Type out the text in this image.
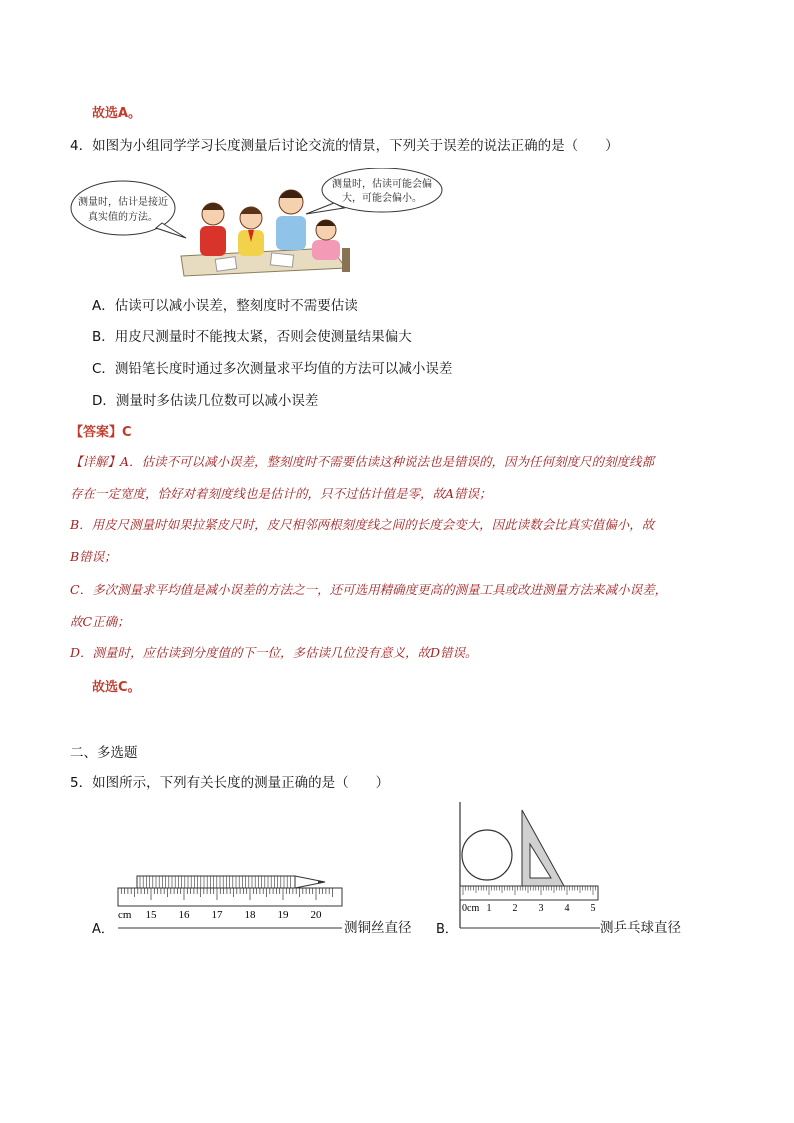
故选A。
4．如图为小组同学学习长度测量后讨论交流的情景，下列关于误差的说法正确的是（　　）
测量时，估计是接近
真实值的方法。
测量时，估读可能会偏
大，可能会偏小。
A．估读可以减小误差，整刻度时不需要估读
B．用皮尺测量时不能拽太紧，否则会使测量结果偏大
C．测铅笔长度时通过多次测量求平均值的方法可以减小误差
D．测量时多估读几位数可以减小误差
【答案】C
【详解】A．估读不可以减小误差，整刻度时不需要估读这种说法也是错误的，因为任何刻度尺的刻度线都
存在一定宽度，恰好对着刻度线也是估计的，只不过估计值是零，故A错误；
B．用皮尺测量时如果拉紧皮尺时，皮尺相邻两根刻度线之间的长度会变大，因此读数会比真实值偏小，故
B错误；
C．多次测量求平均值是减小误差的方法之一，还可选用精确度更高的测量工具或改进测量方法来减小误差，
故C正确；
D．测量时，应估读到分度值的下一位，多估读几位没有意义，故D错误。
故选C。
二、多选题
5．如图所示，下列有关长度的测量正确的是（　　）
A．
cm 15 16 17 18 19 20
测铜丝直径 B．
0cm 1 2 3 4 5
测乒乓球直径
